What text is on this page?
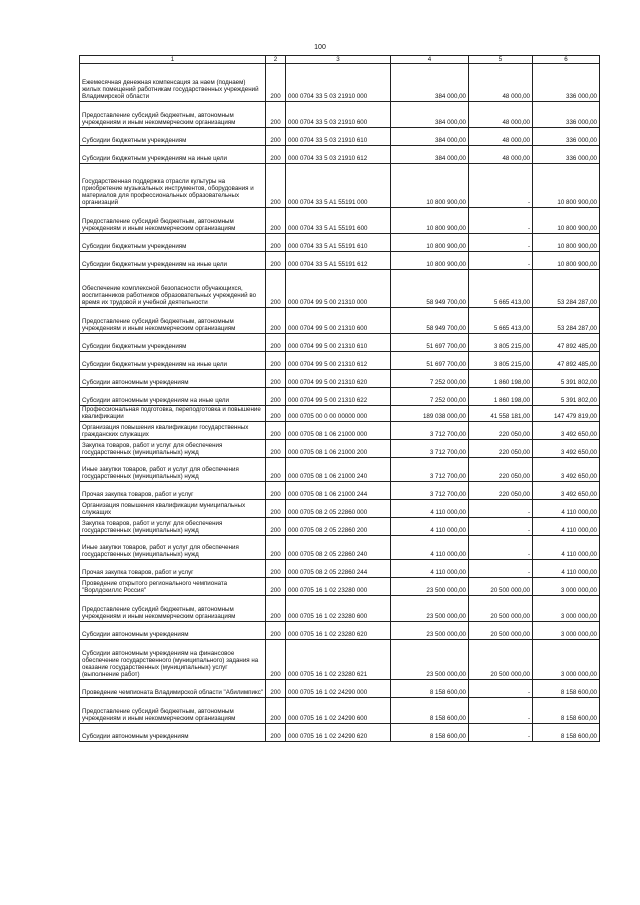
100
1	2	3	4	5	6
Ежемесячная денежная компенсация за наем (поднаем) жилых помещений работникам государственных учреждений Владимирской области	200	000 0704 33 5 03 21910 000	384 000,00	48 000,00	336 000,00
Предоставление субсидий бюджетным, автономным учреждениям и иным некоммерческим организациям	200	000 0704 33 5 03 21910 600	384 000,00	48 000,00	336 000,00
Субсидии бюджетным учреждениям	200	000 0704 33 5 03 21910 610	384 000,00	48 000,00	336 000,00
Субсидии бюджетным учреждениям на иные цели	200	000 0704 33 5 03 21910 612	384 000,00	48 000,00	336 000,00
Государственная поддержка отрасли культуры на приобретение музыкальных инструментов, оборудования и материалов для профессиональных образовательных организаций	200	000 0704 33 5 A1 55191 000	10 800 900,00	-	10 800 900,00
Предоставление субсидий бюджетным, автономным учреждениям и иным некоммерческим организациям	200	000 0704 33 5 A1 55191 600	10 800 900,00	-	10 800 900,00
Субсидии бюджетным учреждениям	200	000 0704 33 5 A1 55191 610	10 800 900,00	-	10 800 900,00
Субсидии бюджетным учреждениям на иные цели	200	000 0704 33 5 A1 55191 612	10 800 900,00	-	10 800 900,00
Обеспечение комплексной безопасности обучающихся, воспитанников работников образовательных учреждений во время их трудовой и учебной деятельности	200	000 0704 99 5 00 21310 000	58 949 700,00	5 665 413,00	53 284 287,00
Предоставление субсидий бюджетным, автономным учреждениям и иным некоммерческим организациям	200	000 0704 99 5 00 21310 600	58 949 700,00	5 665 413,00	53 284 287,00
Субсидии бюджетным учреждениям	200	000 0704 99 5 00 21310 610	51 697 700,00	3 805 215,00	47 892 485,00
Субсидии бюджетным учреждениям на иные цели	200	000 0704 99 5 00 21310 612	51 697 700,00	3 805 215,00	47 892 485,00
Субсидии автономным учреждениям	200	000 0704 99 5 00 21310 620	7 252 000,00	1 860 198,00	5 391 802,00
Субсидии автономным учреждениям на иные цели	200	000 0704 99 5 00 21310 622	7 252 000,00	1 860 198,00	5 391 802,00
Профессиональная подготовка, переподготовка и повышение квалификации	200	000 0705 00 0 00 00000 000	189 038 000,00	41 558 181,00	147 479 819,00
Организация повышения квалификации государственных гражданских служащих	200	000 0705 08 1 06 21000 000	3 712 700,00	220 050,00	3 492 650,00
Закупка товаров, работ и услуг для обеспечения государственных (муниципальных) нужд	200	000 0705 08 1 06 21000 200	3 712 700,00	220 050,00	3 492 650,00
Иные закупки товаров, работ и услуг для обеспечения государственных (муниципальных) нужд	200	000 0705 08 1 06 21000 240	3 712 700,00	220 050,00	3 492 650,00
Прочая закупка товаров, работ и услуг	200	000 0705 08 1 06 21000 244	3 712 700,00	220 050,00	3 492 650,00
Организация повышения квалификации муниципальных служащих	200	000 0705 08 2 05 22860 000	4 110 000,00	-	4 110 000,00
Закупка товаров, работ и услуг для обеспечения государственных (муниципальных) нужд	200	000 0705 08 2 05 22860 200	4 110 000,00	-	4 110 000,00
Иные закупки товаров, работ и услуг для обеспечения государственных (муниципальных) нужд	200	000 0705 08 2 05 22860 240	4 110 000,00	-	4 110 000,00
Прочая закупка товаров, работ и услуг	200	000 0705 08 2 05 22860 244	4 110 000,00	-	4 110 000,00
Проведение открытого регионального чемпионата "Ворлдскиллс Россия"	200	000 0705 16 1 02 23280 000	23 500 000,00	20 500 000,00	3 000 000,00
Предоставление субсидий бюджетным, автономным учреждениям и иным некоммерческим организациям	200	000 0705 16 1 02 23280 600	23 500 000,00	20 500 000,00	3 000 000,00
Субсидии автономным учреждениям	200	000 0705 16 1 02 23280 620	23 500 000,00	20 500 000,00	3 000 000,00
Субсидии автономным учреждениям на финансовое обеспечение государственного (муниципального) задания на оказание государственных (муниципальных) услуг (выполнение работ)	200	000 0705 16 1 02 23280 621	23 500 000,00	20 500 000,00	3 000 000,00
Проведение чемпионата Владимирской области "Абилимпикс"	200	000 0705 16 1 02 24290 000	8 158 600,00	-	8 158 600,00
Предоставление субсидий бюджетным, автономным учреждениям и иным некоммерческим организациям	200	000 0705 16 1 02 24290 600	8 158 600,00	-	8 158 600,00
Субсидии автономным учреждениям	200	000 0705 16 1 02 24290 620	8 158 600,00	-	8 158 600,00
